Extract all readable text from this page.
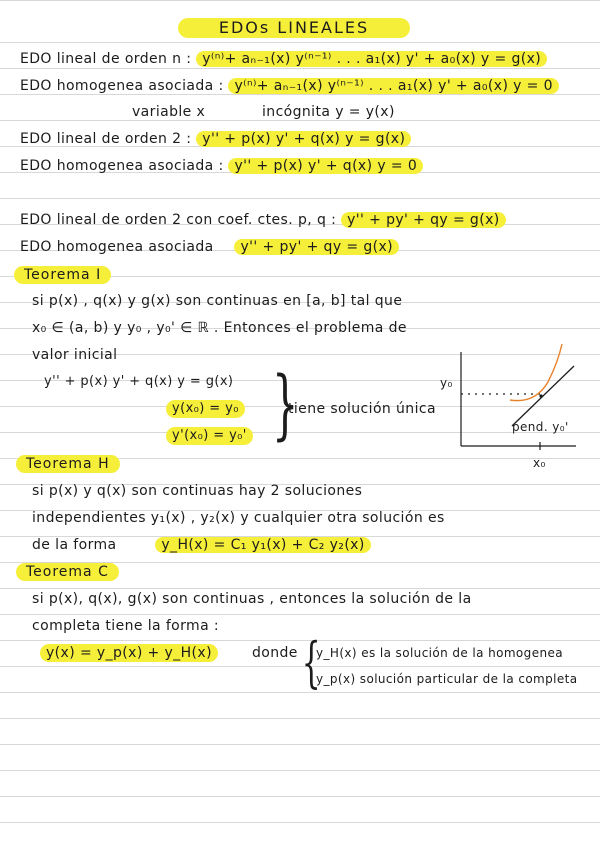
EDOs LINEALES
EDO lineal de orden n : y⁽ⁿ⁾+ aₙ₋₁(x) y⁽ⁿ⁻¹⁾ . . . a₁(x) y' + a₀(x) y = g(x)
EDO homogenea asociada : y⁽ⁿ⁾+ aₙ₋₁(x) y⁽ⁿ⁻¹⁾ . . . a₁(x) y' + a₀(x) y = 0
variable x	incógnita y = y(x)
EDO lineal de orden 2 : y'' + p(x) y' + q(x) y = g(x)
EDO homogenea asociada : y'' + p(x) y' + q(x) y = 0
EDO lineal de orden 2 con coef. ctes. p, q : y'' + py' + qy = g(x)
EDO homogenea asociada y'' + py' + qy = g(x)
Teorema I
si p(x) , q(x) y g(x) son continuas en [a, b] tal que
x₀ ∈ (a, b) y y₀ , y₀' ∈ ℝ . Entonces el problema de
valor inicial
y'' + p(x) y' + q(x) y = g(x)
y(x₀) = y₀
y'(x₀) = y₀' }
tiene solución única
y₀
x₀
pend. y₀'
Teorema H
si p(x) y q(x) son continuas hay 2 soluciones
independientes y₁(x) , y₂(x) y cualquier otra solución es
de la forma	y_H(x) = C₁ y₁(x) + C₂ y₂(x)
Teorema C
si p(x), q(x), g(x) son continuas , entonces la solución de la
completa tiene la forma :
y(x) = y_p(x) + y_H(x)	donde {
y_H(x) es la solución de la homogenea
y_p(x) solución particular de la completa
